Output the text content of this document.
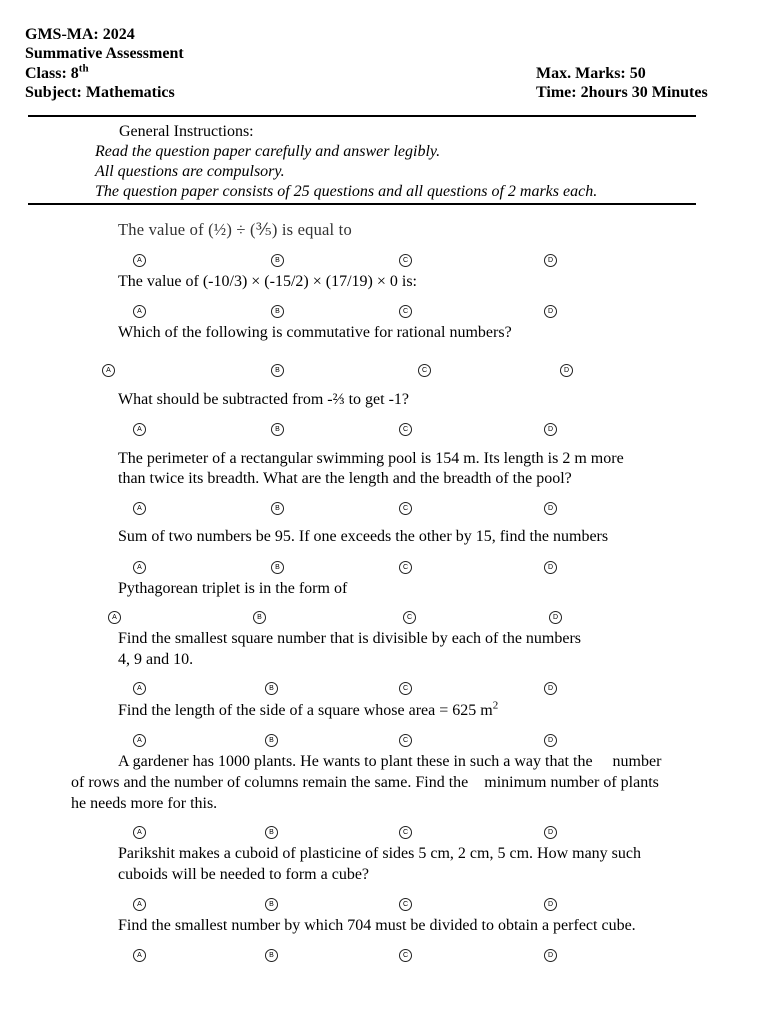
GMS-MA: 2024
Summative Assessment
Class: 8th
Subject: Mathematics
Max. Marks: 50
Time: 2hours 30 Minutes
General Instructions:
Read the question paper carefully and answer legibly.
All questions are compulsory.
The question paper consists of 25 questions and all questions of 2 marks each.
The value of (½) ÷ (⅗) is equal to
A	B	C	D
The value of (-10/3) × (-15/2) × (17/19) × 0 is:
A	B	C	D
Which of the following is commutative for rational numbers?
A	B	C	D
What should be subtracted from -⅔ to get -1?
A	B	C	D
The perimeter of a rectangular swimming pool is 154 m. Its length is 2 m more
than twice its breadth. What are the length and the breadth of the pool?
A	B	C	D
Sum of two numbers be 95. If one exceeds the other by 15, find the numbers
A	B	C	D
Pythagorean triplet is in the form of
A	B	C	D
Find the smallest square number that is divisible by each of the numbers
4, 9 and 10.
A	B	C	D
Find the length of the side of a square whose area = 625 $m^2$
A	B	C	D
A gardener has 1000 plants. He wants to plant these in such a way that the     number
of rows and the number of columns remain the same. Find the    minimum number of plants
he needs more for this.
A	B	C	D
Parikshit makes a cuboid of plasticine of sides 5 cm, 2 cm, 5 cm. How many such
cuboids will be needed to form a cube?
A	B	C	D
Find the smallest number by which 704 must be divided to obtain a perfect cube.
A	B	C	D
